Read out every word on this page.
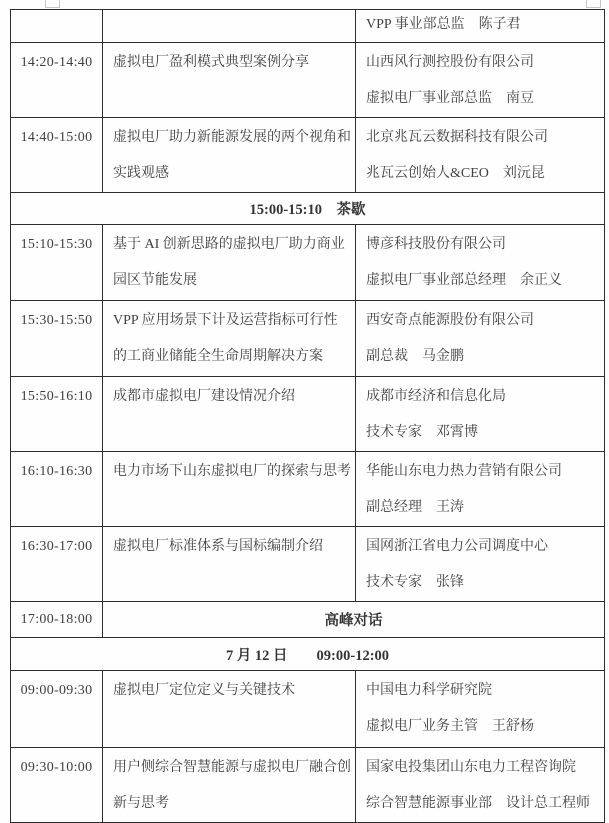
		VPP 事业部总监　陈子君

14:20-14:40	虚拟电厂盈利模式典型案例分享	山西风行测控股份有限公司
虚拟电厂事业部总监　南豆

14:40-15:00	虚拟电厂助力新能源发展的两个视角和实践观感	北京兆瓦云数据科技有限公司
兆瓦云创始人&CEO　刘沅昆

15:00-15:10　茶歇		
15:10-15:30	基于 AI 创新思路的虚拟电厂助力商业园区节能发展	博彦科技股份有限公司
虚拟电厂事业部总经理　余正义

15:30-15:50	VPP 应用场景下计及运营指标可行性的工商业储能全生命周期解决方案	西安奇点能源股份有限公司
副总裁　马金鹏

15:50-16:10	成都市虚拟电厂建设情况介绍	成都市经济和信息化局
技术专家　邓霄博

16:10-16:30	电力市场下山东虚拟电厂的探索与思考	华能山东电力热力营销有限公司
副总经理　王涛

16:30-17:00	虚拟电厂标准体系与国标编制介绍	国网浙江省电力公司调度中心
技术专家　张锋

17:00-18:00	高峰对话	
7 月 12 日　　09:00-12:00		
09:00-09:30	虚拟电厂定位定义与关键技术	中国电力科学研究院
虚拟电厂业务主管　王舒杨

09:30-10:00	用户侧综合智慧能源与虚拟电厂融合创新与思考	国家电投集团山东电力工程咨询院
综合智慧能源事业部　设计总工程师
